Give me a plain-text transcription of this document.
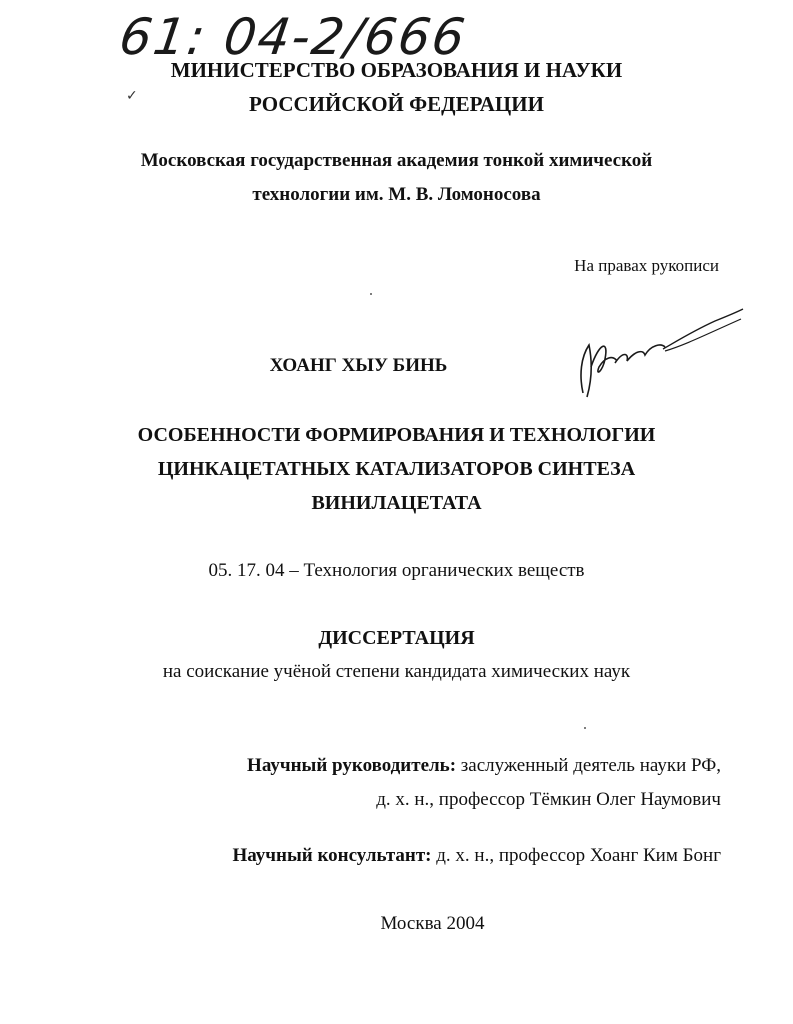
61: 04-2/666
✓
МИНИСТЕРСТВО ОБРАЗОВАНИЯ И НАУКИ
РОССИЙСКОЙ ФЕДЕРАЦИИ
Московская государственная академия тонкой химической
технологии им. М. В. Ломоносова
На правах рукописи
ХОАНГ ХЫУ БИНЬ
ОСОБЕННОСТИ ФОРМИРОВАНИЯ И ТЕХНОЛОГИИ
ЦИНКАЦЕТАТНЫХ КАТАЛИЗАТОРОВ СИНТЕЗА
ВИНИЛАЦЕТАТА
05. 17. 04 – Технология органических веществ
ДИССЕРТАЦИЯ
на соискание учёной степени кандидата химических наук
Научный руководитель: заслуженный деятель науки РФ,
д. х. н., профессор Тёмкин Олег Наумович
Научный консультант: д. х. н., профессор Хоанг Ким Бонг
Москва 2004
